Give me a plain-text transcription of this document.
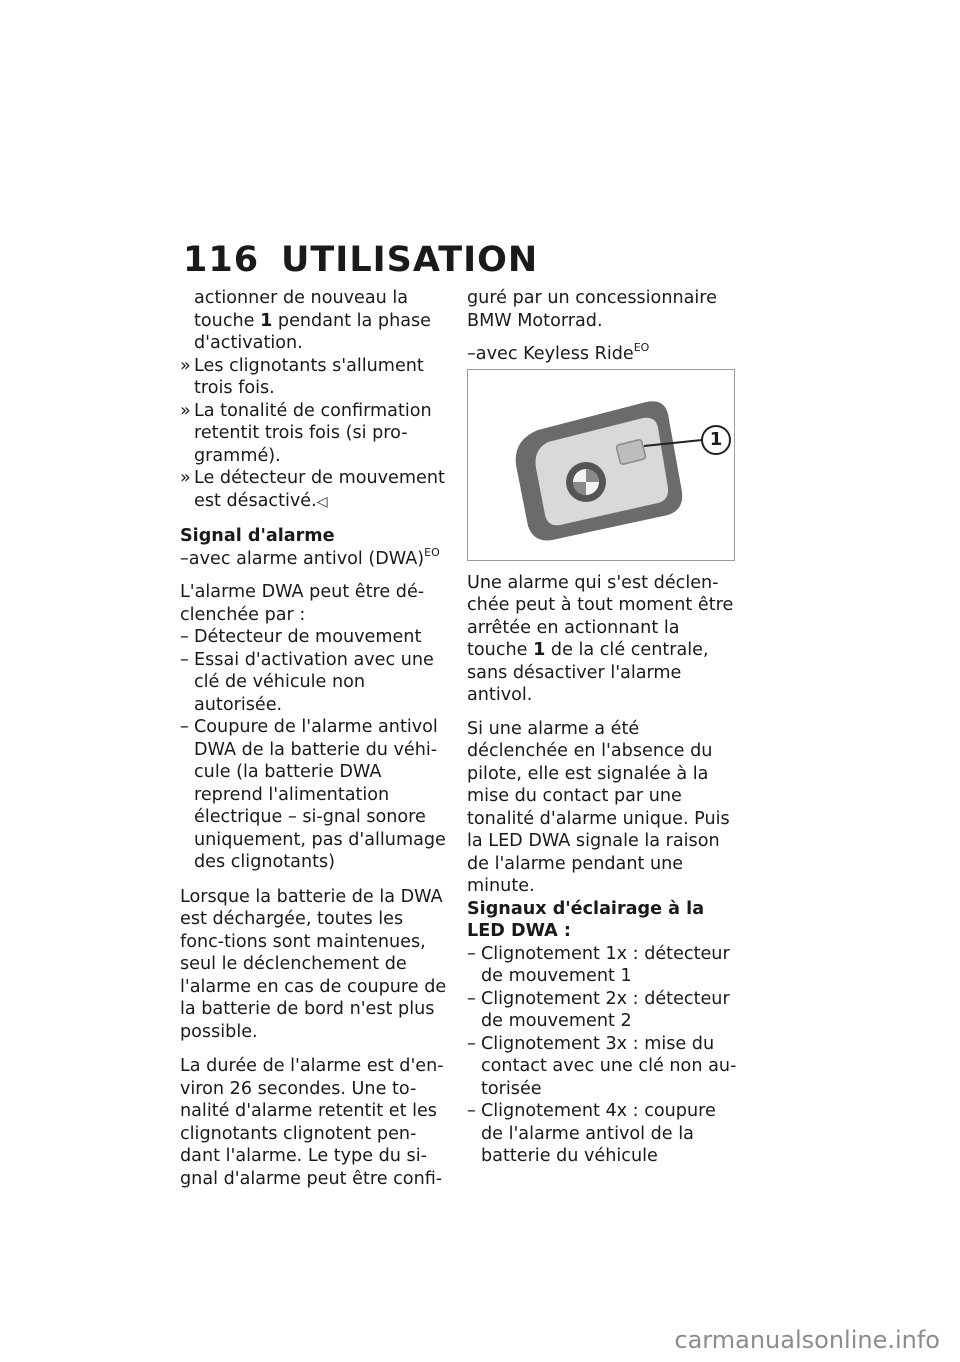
116 UTILISATION

actionner de nouveau la
touche 1 pendant la phase d'activation.

» Les clignotants s'allument trois fois.
» La tonalité de confirmation retentit trois fois (si pro-grammé).
» Le détecteur de mouvement est désactivé.◁

Signal d'alarme

–avec alarme antivol (DWA)$^{EO}$

L'alarme DWA peut être dé-clenchée par :

– Détecteur de mouvement
– Essai d'activation avec une clé de véhicule non autorisée.
– Coupure de l'alarme antivol DWA de la batterie du véhi-cule (la batterie DWA reprend l'alimentation électrique – si-gnal sonore uniquement, pas d'allumage des clignotants)

Lorsque la batterie de la DWA est déchargée, toutes les fonc-tions sont maintenues, seul le déclenchement de l'alarme en cas de coupure de la batterie de bord n'est plus possible.

La durée de l'alarme est d'en-viron 26 secondes. Une to-nalité d'alarme retentit et les clignotants clignotent pen-dant l'alarme. Le type du si-gnal d'alarme peut être confi-

guré par un concessionnaire BMW Motorrad.

–avec Keyless Ride$^{EO}$

1

Une alarme qui s'est déclen-chée peut à tout moment être arrêtée en actionnant la touche 1 de la clé centrale, sans désactiver l'alarme antivol.

Si une alarme a été déclenchée en l'absence du pilote, elle est signalée à la mise du contact par une tonalité d'alarme unique. Puis la LED DWA signale la raison de l'alarme pendant une minute.

Signaux d'éclairage à la LED DWA :

– Clignotement 1x : détecteur de mouvement 1
– Clignotement 2x : détecteur de mouvement 2
– Clignotement 3x : mise du contact avec une clé non au-torisée
– Clignotement 4x : coupure de l'alarme antivol de la batterie du véhicule
carmanualsonline.info
